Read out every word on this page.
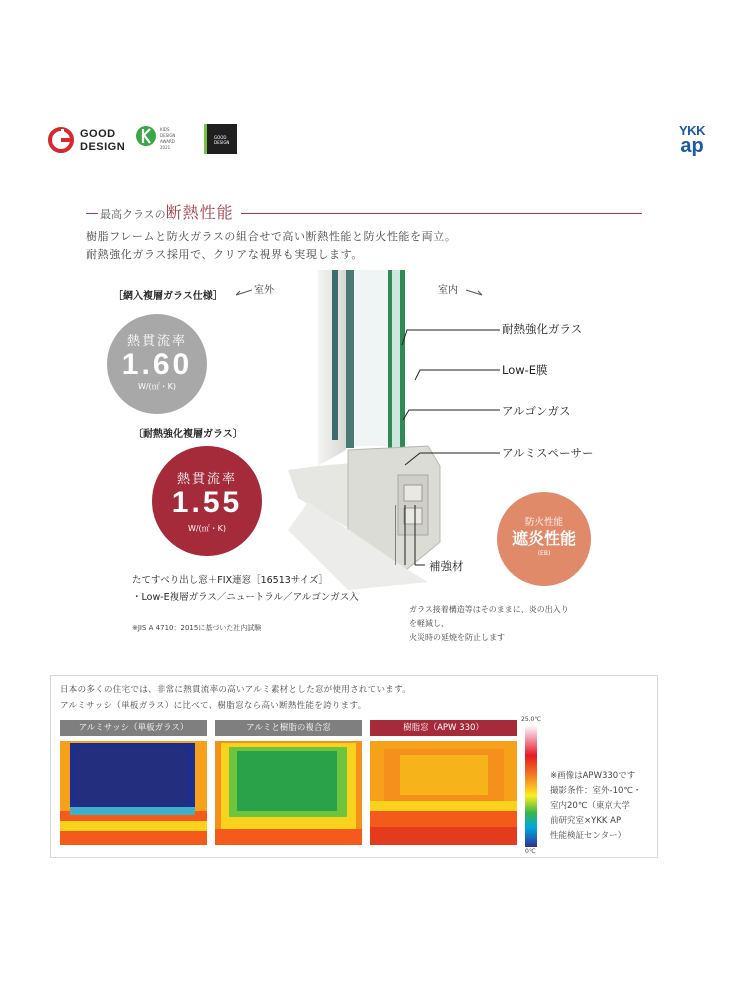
GOOD
DESIGN
KIDS DESIGN AWARD 2021
GOOD DESIGN
YKK
ap
最高クラスの断熱性能
樹脂フレームと防火ガラスの組合せで高い断熱性能と防火性能を両立。
耐熱強化ガラス採用で、クリアな視界も実現します。
［網入複層ガラス仕様］
室外	室内
熱貫流率
1.60
W/(㎡・K)
〔耐熱強化複層ガラス〕
熱貫流率
1.55
W/(㎡・K)
耐熱強化ガラス
Low-E膜
アルゴンガス
アルミスペーサー
補強材
ガラス接着構造等はそのままに、炎の出入り
を軽減し、
火災時の延焼を防止します
防火性能
遮炎性能
(EB)
たてすべり出し窓＋FIX連窓［16513サイズ］
・Low-E複層ガラス／ニュートラル／アルゴンガス入
※JIS A 4710：2015に基づいた社内試験
日本の多くの住宅では、非常に熱貫流率の高いアルミ素材とした窓が使用されています。
アルミサッシ（単板ガラス）に比べて、樹脂窓なら高い断熱性能を誇ります。
アルミサッシ（単板ガラス）	アルミと樹脂の複合窓	樹脂窓（APW 330）
25.0℃
0℃
※画像はAPW330です
撮影条件：室外-10℃・
室内20℃（東京大学
前研究室×YKK AP
性能検証センター）
